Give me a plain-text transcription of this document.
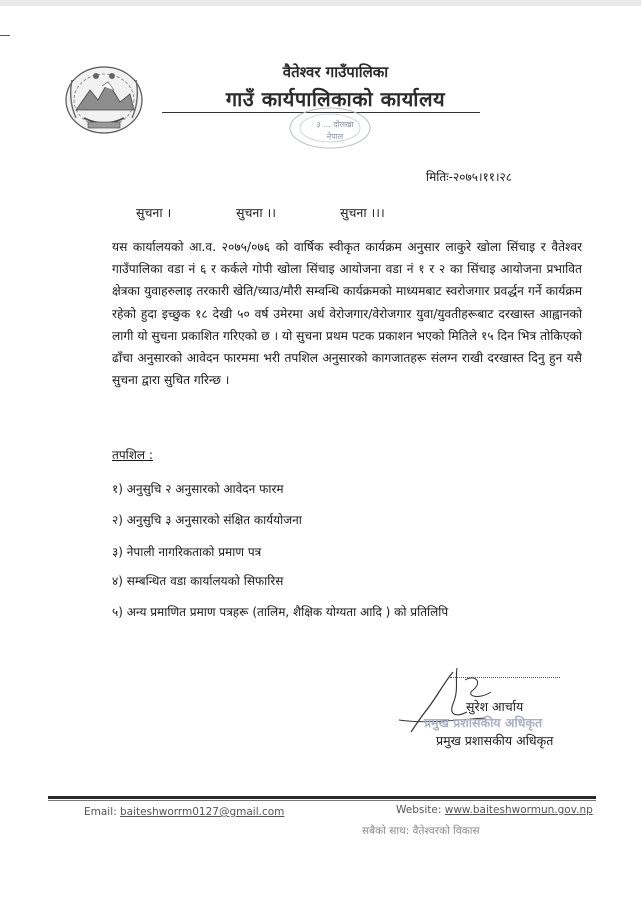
वैतेश्वर गाउँपालिका
गाउँ कार्यपालिकाको कार्यालय
३ ... दोलखा
नेपाल
मितिः-२०७५।११।२८
सुचना ।	सुचना ।।	सुचना ।।।
यस कार्यालयको आ.व. २०७५/०७६ को वार्षिक स्वीकृत कार्यक्रम अनुसार लाकुरे खोला सिंचाइ र वैतेश्वर गाउँपालिका वडा नं ६ र कर्कले गोपी खोला सिंचाइ आयोजना वडा नं १ र २ का सिंचाइ आयोजना प्रभावित क्षेत्रका युवाहरुलाइ तरकारी खेति/च्याउ/मौरी सम्वन्धि कार्यक्रमको माध्यमबाट स्वरोजगार प्रवर्द्धन गर्ने कार्यक्रम रहेको हुदा इच्छुक १८ देखी ५० वर्ष उमेरमा अर्ध वेरोजगार/वेरोजगार युवा/युवतीहरूबाट दरखास्त आह्वानको लागी यो सुचना प्रकाशित गरिएको छ । यो सुचना प्रथम पटक प्रकाशन भएको मितिले १५ दिन भित्र तोकिएको ढाँचा अनुसारको आवेदन फारममा भरी तपशिल अनुसारको कागजातहरू संलग्न राखी दरखास्त दिनु हुन यसै सुचना द्वारा सुचित गरिन्छ ।
तपशिल :
१) अनुसुचि २ अनुसारको आवेदन फारम
२) अनुसुचि ३ अनुसारको संक्षित कार्ययोजना
३) नेपाली नागरिकताको प्रमाण पत्र
४) सम्बन्धित वडा कार्यालयको सिफारिस
५) अन्य प्रमाणित प्रमाण पत्रहरू (तालिम, शैक्षिक योग्यता आदि ) को प्रतिलिपि
सुरेश आर्चाय
प्रमुख प्रशासकीय अधिकृत
प्रमुख प्रशासकीय अधिकृत
Email: baiteshworrm0127@gmail.com	Website: www.baiteshwormun.gov.np
सबैको साथ: वैतेश्वरको विकास
